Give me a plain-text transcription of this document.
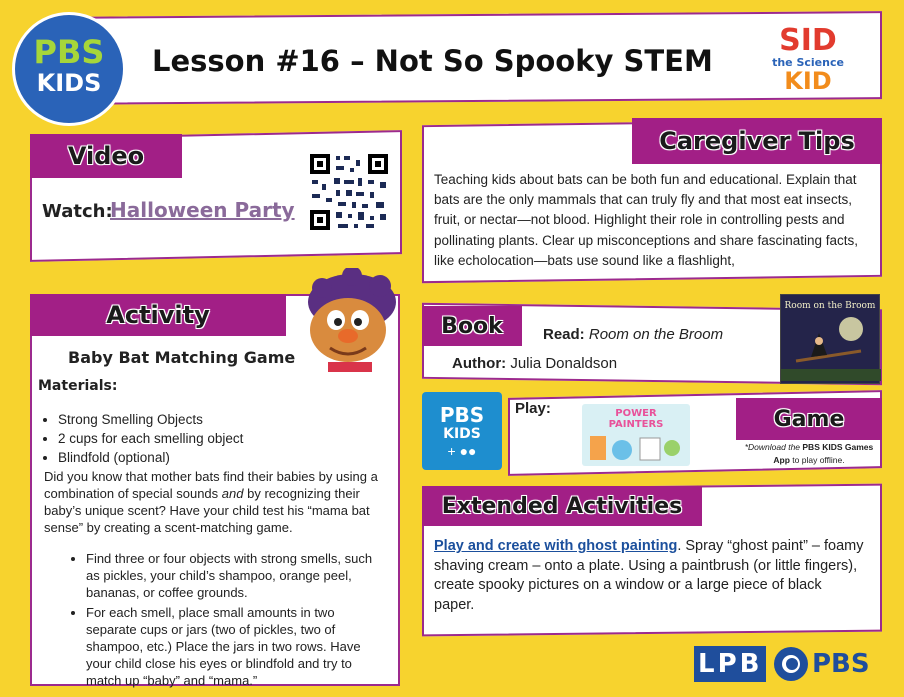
Lesson #16 – Not So Spooky STEM
PBS
KIDS
SID
the Science
KID
Video
Watch:
Halloween Party
Caregiver Tips
Teaching kids about bats can be both fun and educational. Explain that bats are the only mammals that can truly fly and that most eat insects, fruit, or nectar—not blood. Highlight their role in controlling pests and pollinating plants. Clear up misconceptions and share fascinating facts, like echolocation—bats use sound like a flashlight,
Activity
Baby Bat Matching Game
Materials:
• Strong Smelling Objects
• 2 cups for each smelling object
• Blindfold (optional)
Did you know that mother bats find their babies by using a combination of special sounds and by recognizing their baby’s unique scent? Have your child test his “mama bat sense” by creating a scent-matching game.
• Find three or four objects with strong smells, such as pickles, your child’s shampoo, orange peel, bananas, or coffee grounds.
• For each smell, place small amounts in two separate cups or jars (two of pickles, two of shampoo, etc.) Place the jars in two rows. Have your child close his eyes or blindfold and try to match up “baby” and “mama.”
Book	Read: Room on the Broom
Author: Julia Donaldson
Room on the Broom
Game
Play:
PBS
KIDS
+ ●●
POWER
PAINTERS
*Download the PBS KIDS Games App to play offline.
Extended Activities
Play and create with ghost painting. Spray “ghost paint” – foamy shaving cream – onto a plate. Using a paintbrush (or little fingers), create spooky pictures on a window or a large piece of black paper.
LPB PBS
